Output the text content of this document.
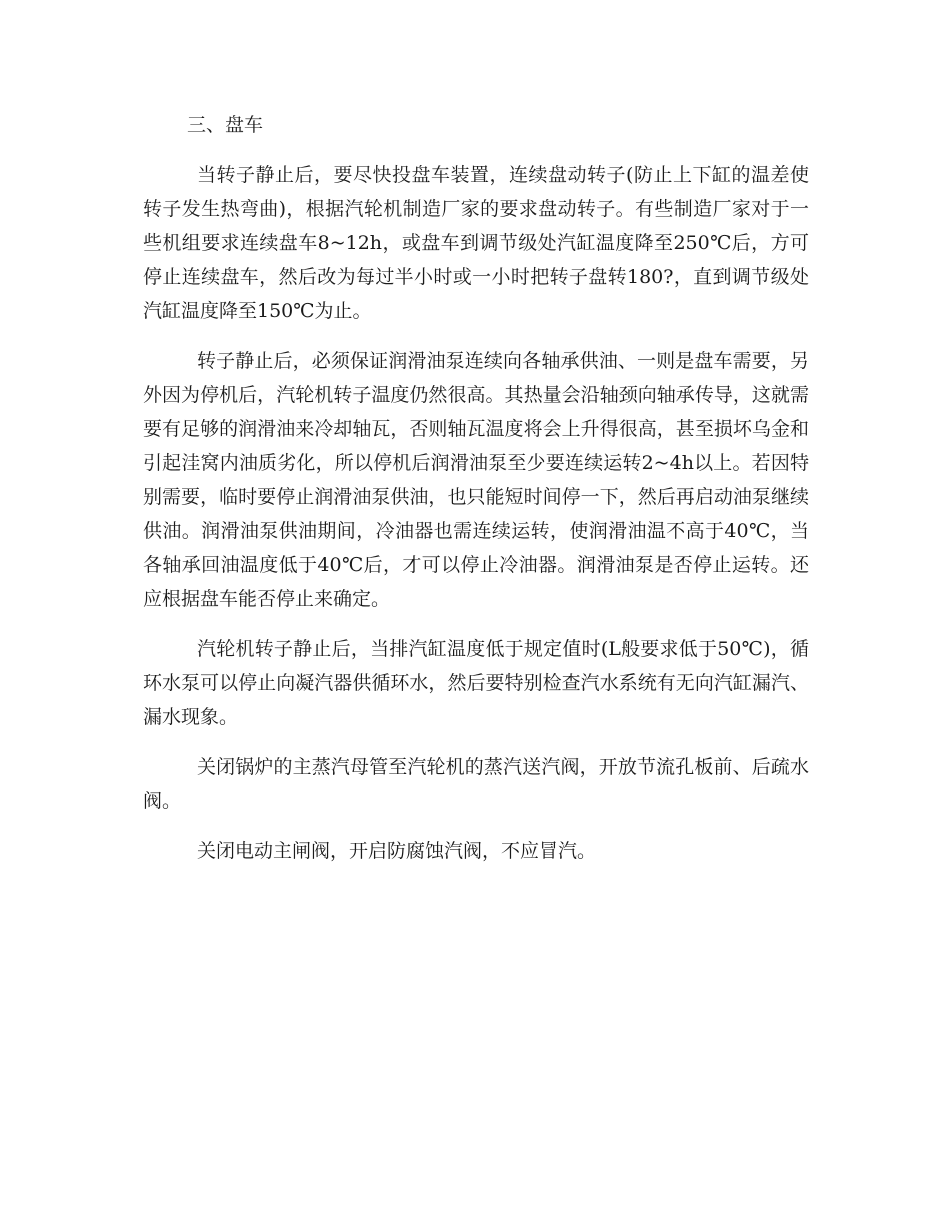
三、盘车

当转子静止后，要尽快投盘车装置，连续盘动转子(防止上下缸的温差使转子发生热弯曲)，根据汽轮机制造厂家的要求盘动转子。有些制造厂家对于一些机组要求连续盘车8~12h，或盘车到调节级处汽缸温度降至250℃后，方可停止连续盘车，然后改为每过半小时或一小时把转子盘转180?，直到调节级处汽缸温度降至150℃为止。

转子静止后，必须保证润滑油泵连续向各轴承供油、一则是盘车需要，另外因为停机后，汽轮机转子温度仍然很高。其热量会沿轴颈向轴承传导，这就需要有足够的润滑油来冷却轴瓦，否则轴瓦温度将会上升得很高，甚至损坏乌金和引起洼窝内油质劣化，所以停机后润滑油泵至少要连续运转2~4h以上。若因特别需要，临时要停止润滑油泵供油，也只能短时间停一下，然后再启动油泵继续供油。润滑油泵供油期间，冷油器也需连续运转，使润滑油温不高于40℃，当各轴承回油温度低于40℃后，才可以停止冷油器。润滑油泵是否停止运转。还应根据盘车能否停止来确定。

汽轮机转子静止后，当排汽缸温度低于规定值时(L般要求低于50℃)，循环水泵可以停止向凝汽器供循环水，然后要特别检查汽水系统有无向汽缸漏汽、漏水现象。

关闭锅炉的主蒸汽母管至汽轮机的蒸汽送汽阀，开放节流孔板前、后疏水阀。

关闭电动主闸阀，开启防腐蚀汽阀，不应冒汽。
